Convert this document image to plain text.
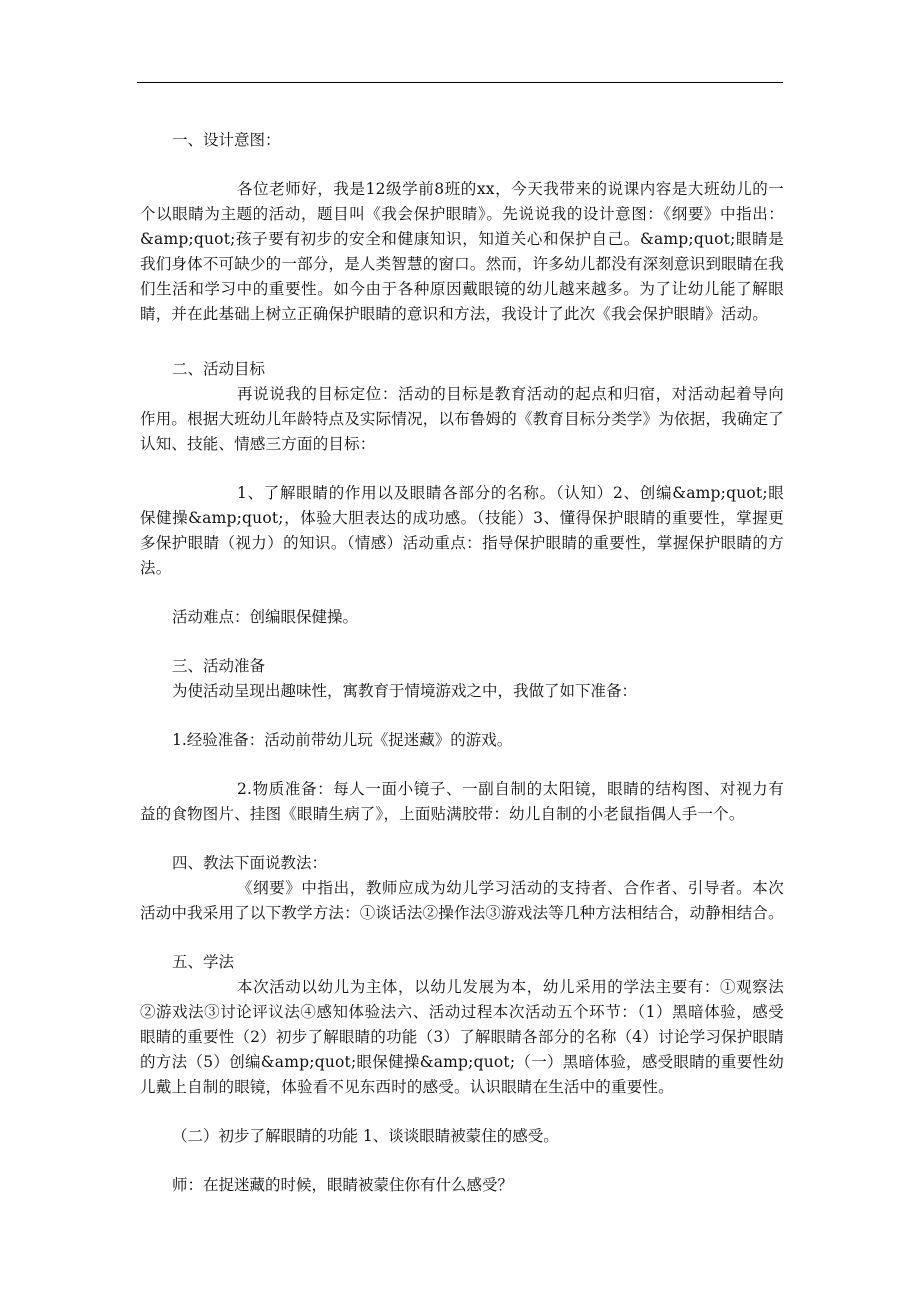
一、设计意图：

各位老师好，我是12级学前8班的xx，今天我带来的说课内容是大班幼儿的一个以眼睛为主题的活动，题目叫《我会保护眼睛》。先说说我的设计意图：《纲要》中指出：&amp;quot;孩子要有初步的安全和健康知识，知道关心和保护自己。&amp;quot;眼睛是我们身体不可缺少的一部分，是人类智慧的窗口。然而，许多幼儿都没有深刻意识到眼睛在我们生活和学习中的重要性。如今由于各种原因戴眼镜的幼儿越来越多。为了让幼儿能了解眼睛，并在此基础上树立正确保护眼睛的意识和方法，我设计了此次《我会保护眼睛》活动。

二、活动目标

再说说我的目标定位：活动的目标是教育活动的起点和归宿，对活动起着导向作用。根据大班幼儿年龄特点及实际情况，以布鲁姆的《教育目标分类学》为依据，我确定了认知、技能、情感三方面的目标：

1、了解眼睛的作用以及眼睛各部分的名称。（认知）2、创编&amp;quot;眼保健操&amp;quot;，体验大胆表达的成功感。（技能）3、懂得保护眼睛的重要性，掌握更多保护眼睛（视力）的知识。（情感）活动重点：指导保护眼睛的重要性，掌握保护眼睛的方法。

活动难点：创编眼保健操。

三、活动准备

为使活动呈现出趣味性，寓教育于情境游戏之中，我做了如下准备：

1.经验准备：活动前带幼儿玩《捉迷藏》的游戏。

2.物质准备：每人一面小镜子、一副自制的太阳镜，眼睛的结构图、对视力有益的食物图片、挂图《眼睛生病了》，上面贴满胶带：幼儿自制的小老鼠指偶人手一个。

四、教法下面说教法：

《纲要》中指出，教师应成为幼儿学习活动的支持者、合作者、引导者。本次活动中我采用了以下教学方法：①谈话法②操作法③游戏法等几种方法相结合，动静相结合。

五、学法

本次活动以幼儿为主体，以幼儿发展为本，幼儿采用的学法主要有：①观察法②游戏法③讨论评议法④感知体验法六、活动过程本次活动五个环节：（1）黑暗体验，感受眼睛的重要性（2）初步了解眼睛的功能（3）了解眼睛各部分的名称（4）讨论学习保护眼睛的方法（5）创编&amp;quot;眼保健操&amp;quot;（一）黑暗体验，感受眼睛的重要性幼儿戴上自制的眼镜，体验看不见东西时的感受。认识眼睛在生活中的重要性。

（二）初步了解眼睛的功能 1、谈谈眼睛被蒙住的感受。

师：在捉迷藏的时候，眼睛被蒙住你有什么感受？
